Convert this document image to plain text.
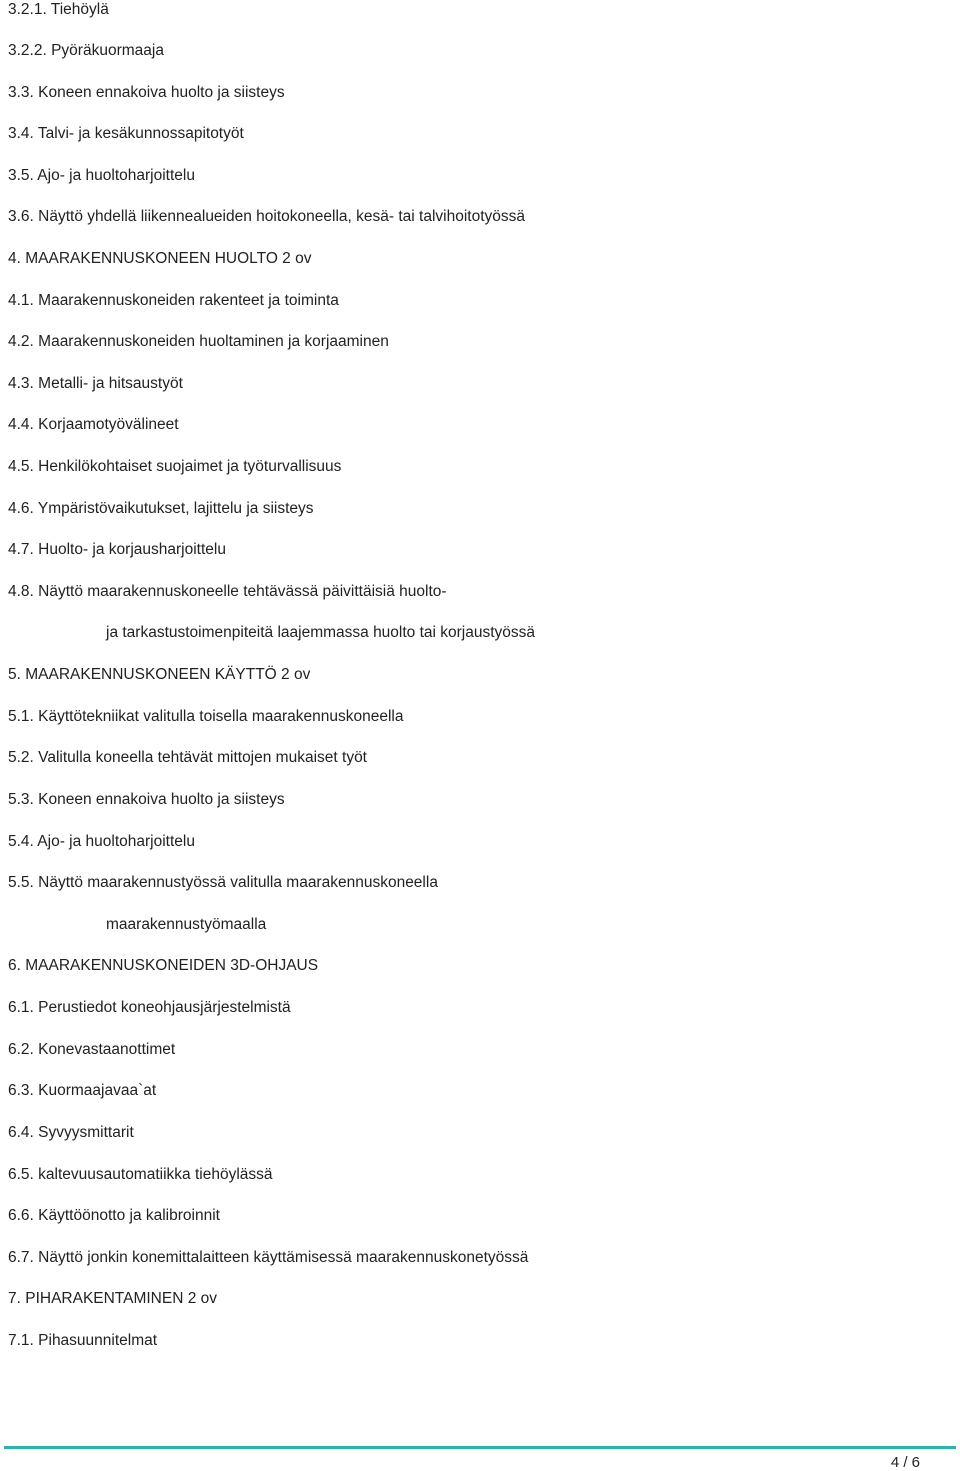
3.2.1. Tiehöylä
3.2.2. Pyöräkuormaaja
3.3. Koneen ennakoiva huolto ja siisteys
3.4. Talvi- ja kesäkunnossapitotyöt
3.5. Ajo- ja huoltoharjoittelu
3.6. Näyttö yhdellä liikennealueiden hoitokoneella, kesä- tai talvihoitotyössä
4. MAARAKENNUSKONEEN HUOLTO 2 ov
4.1. Maarakennuskoneiden rakenteet ja toiminta
4.2. Maarakennuskoneiden huoltaminen ja korjaaminen
4.3. Metalli- ja hitsaustyöt
4.4. Korjaamotyövälineet
4.5. Henkilökohtaiset suojaimet ja työturvallisuus
4.6. Ympäristövaikutukset, lajittelu ja siisteys
4.7. Huolto- ja korjausharjoittelu
4.8. Näyttö maarakennuskoneelle tehtävässä päivittäisiä huolto-
ja tarkastustoimenpiteitä laajemmassa huolto tai korjaustyössä
5. MAARAKENNUSKONEEN KÄYTTÖ 2 ov
5.1. Käyttötekniikat valitulla toisella maarakennuskoneella
5.2. Valitulla koneella tehtävät mittojen mukaiset työt
5.3. Koneen ennakoiva huolto ja siisteys
5.4. Ajo- ja huoltoharjoittelu
5.5. Näyttö maarakennustyössä valitulla maarakennuskoneella
maarakennustyömaalla
6. MAARAKENNUSKONEIDEN 3D-OHJAUS
6.1. Perustiedot koneohjausjärjestelmistä
6.2. Konevastaanottimet
6.3. Kuormaajavaa`at
6.4. Syvyysmittarit
6.5. kaltevuusautomatiikka tiehöylässä
6.6. Käyttöönotto ja kalibroinnit
6.7. Näyttö jonkin konemittalaitteen käyttämisessä maarakennuskonetyössä
7. PIHARAKENTAMINEN 2 ov
7.1. Pihasuunnitelmat
4 / 6
